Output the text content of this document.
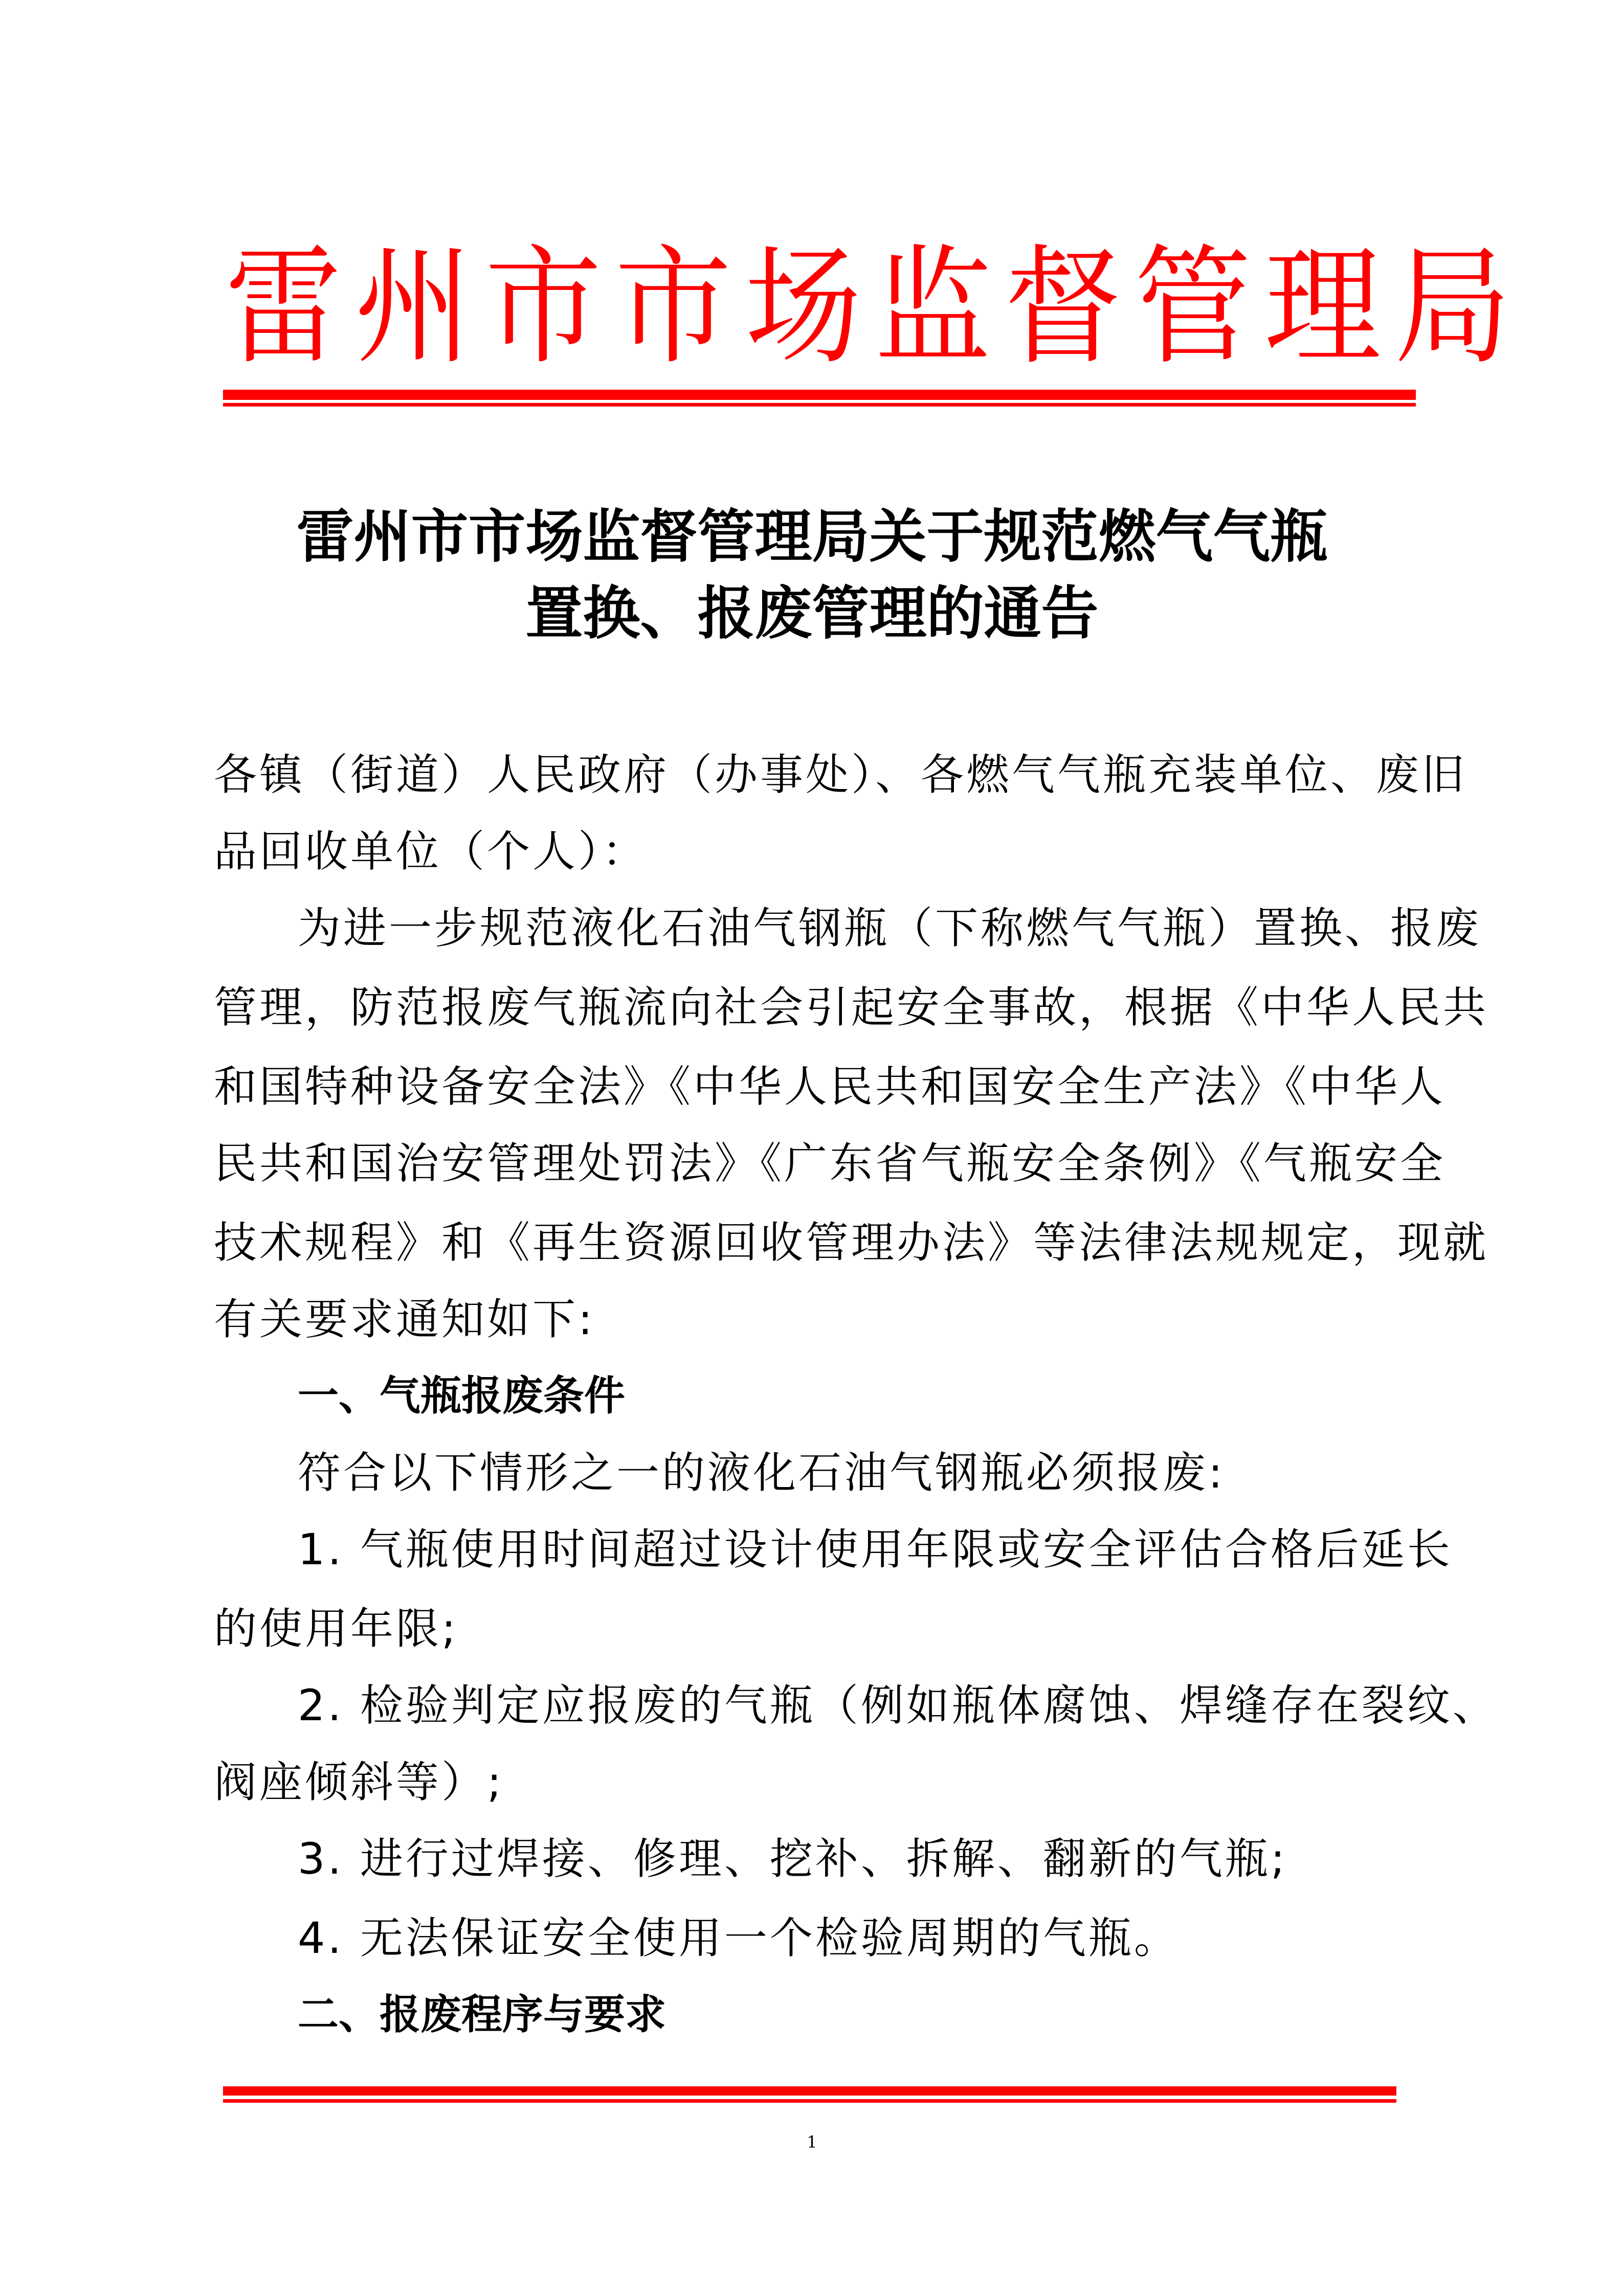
雷州市市场监督管理局
雷州市市场监督管理局关于规范燃气气瓶
置换、报废管理的通告
各镇（街道）人民政府（办事处）、各燃气气瓶充装单位、废旧
品回收单位（个人）：
为进一步规范液化石油气钢瓶（下称燃气气瓶）置换、报废
管理，防范报废气瓶流向社会引起安全事故，根据《中华人民共
和国特种设备安全法》《中华人民共和国安全生产法》《中华人
民共和国治安管理处罚法》《广东省气瓶安全条例》《气瓶安全
技术规程》和《再生资源回收管理办法》等法律法规规定，现就
有关要求通知如下:
一、气瓶报废条件
符合以下情形之一的液化石油气钢瓶必须报废:
1. 气瓶使用时间超过设计使用年限或安全评估合格后延长
的使用年限;
2. 检验判定应报废的气瓶（例如瓶体腐蚀、焊缝存在裂纹、
阀座倾斜等）;
3. 进行过焊接、修理、挖补、拆解、翻新的气瓶;
4. 无法保证安全使用一个检验周期的气瓶。
二、报废程序与要求
1
